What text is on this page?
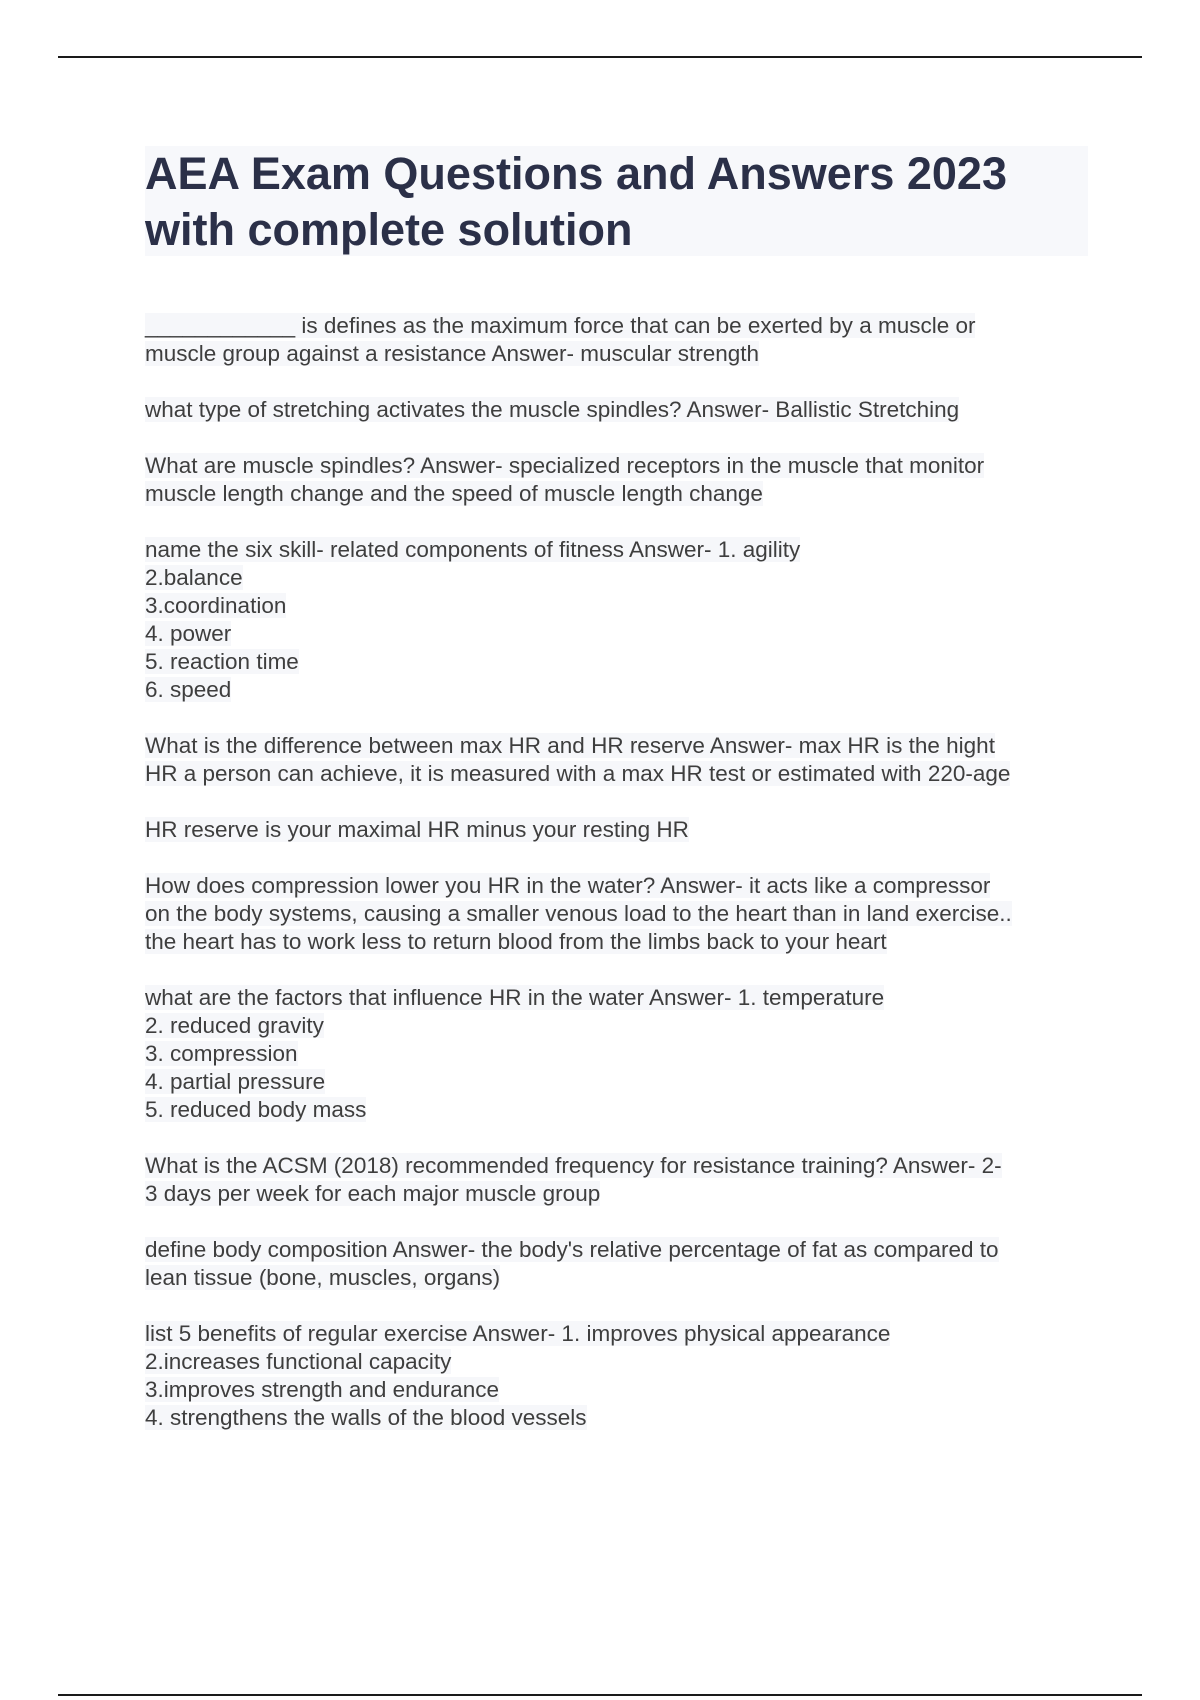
AEA Exam Questions and Answers 2023
with complete solution
____________ is defines as the maximum force that can be exerted by a muscle or
muscle group against a resistance Answer- muscular strength
what type of stretching activates the muscle spindles? Answer- Ballistic Stretching
What are muscle spindles? Answer- specialized receptors in the muscle that monitor
muscle length change and the speed of muscle length change
name the six skill- related components of fitness Answer- 1. agility
2.balance
3.coordination
4. power
5. reaction time
6. speed
What is the difference between max HR and HR reserve Answer- max HR is the hight
HR a person can achieve, it is measured with a max HR test or estimated with 220-age
HR reserve is your maximal HR minus your resting HR
How does compression lower you HR in the water? Answer- it acts like a compressor
on the body systems, causing a smaller venous load to the heart than in land exercise..
the heart has to work less to return blood from the limbs back to your heart
what are the factors that influence HR in the water Answer- 1. temperature
2. reduced gravity
3. compression
4. partial pressure
5. reduced body mass
What is the ACSM (2018) recommended frequency for resistance training? Answer- 2-
3 days per week for each major muscle group
define body composition Answer- the body's relative percentage of fat as compared to
lean tissue (bone, muscles, organs)
list 5 benefits of regular exercise Answer- 1. improves physical appearance
2.increases functional capacity
3.improves strength and endurance
4. strengthens the walls of the blood vessels
